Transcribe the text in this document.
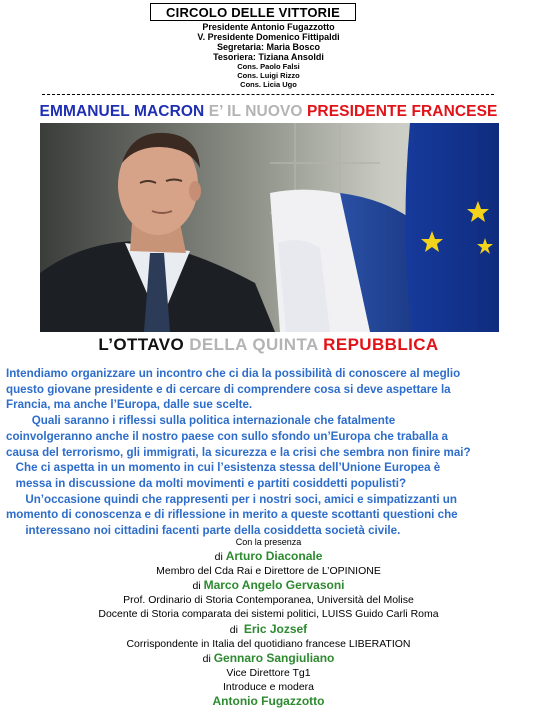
CIRCOLO DELLE VITTORIE
Presidente Antonio Fugazzotto
V. Presidente Domenico Fittipaldi
Segretaria: Maria Bosco
Tesoriera: Tiziana Ansoldi
Cons. Paolo Falsi
Cons. Luigi Rizzo
Cons. Licia Ugo
EMMANUEL MACRON E’ IL NUOVO PRESIDENTE FRANCESE
L’OTTAVO DELLA QUINTA REPUBBLICA

Intendiamo organizzare un incontro che ci dia la possibilità di conoscere al meglio

questo giovane presidente e di cercare di comprendere cosa si deve aspettare la

Francia, ma anche l’Europa, dalle sue scelte.

Quali saranno i riflessi sulla politica internazionale che fatalmente

coinvolgeranno anche il nostro paese con sullo sfondo un’Europa che traballa a

causa del terrorismo, gli immigrati, la sicurezza e la crisi che sembra non finire mai?

Che ci aspetta in un momento in cui l’esistenza stessa dell’Unione Europea è

messa in discussione da molti movimenti e partiti cosiddetti populisti?

Un’occasione quindi che rappresenti per i nostri soci, amici e simpatizzanti un

momento di conoscenza e di riflessione in merito a queste scottanti questioni che

interessano noi cittadini facenti parte della cosiddetta società civile.

Con la presenza
di Arturo Diaconale
Membro del Cda Rai e Direttore de L’OPINIONE
di Marco Angelo Gervasoni
Prof. Ordinario di Storia Contemporanea, Università del Molise
Docente di Storia comparata dei sistemi politici, LUISS Guido Carli Roma
di  Eric Jozsef
Corrispondente in Italia del quotidiano francese LIBERATION
di Gennaro Sangiuliano
Vice Direttore Tg1
Introduce e modera
Antonio Fugazzotto
